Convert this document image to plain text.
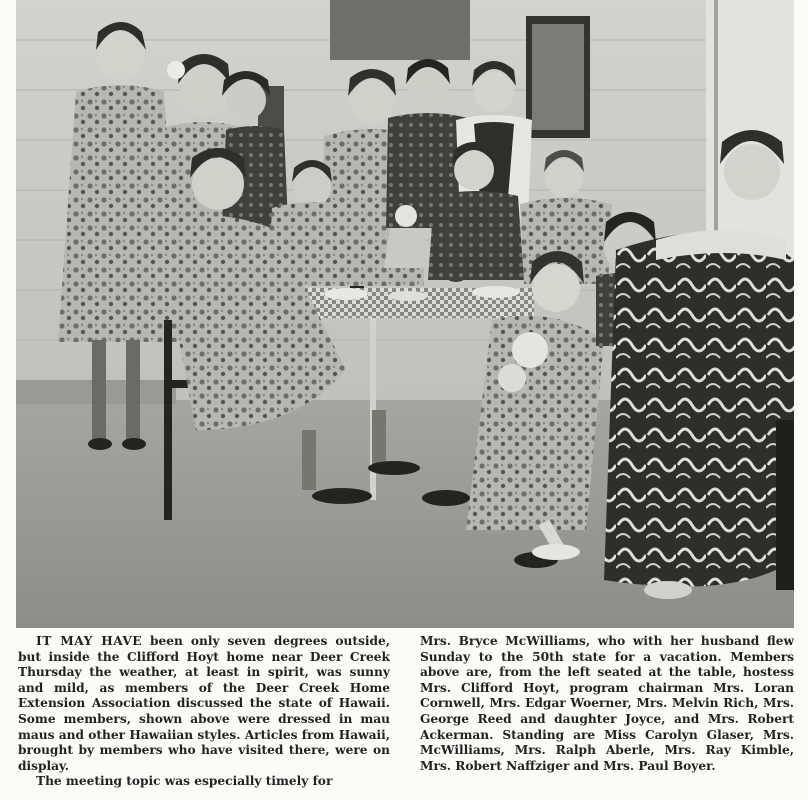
IT MAY HAVE been only seven degrees outside, but inside the Clifford Hoyt home near Deer Creek Thursday the weather, at least in spirit, was sunny and mild, as members of the Deer Creek Home Extension Association discussed the state of Hawaii. Some members, shown above were dressed in mau maus and other Hawaiian styles. Articles from Hawaii, brought by members who have visited there, were on display.

The meeting topic was especially timely for

Mrs. Bryce McWilliams, who with her husband flew Sunday to the 50th state for a vacation. Members above are, from the left seated at the table, hostess Mrs. Clifford Hoyt, program chairman Mrs. Loran Cornwell, Mrs. Edgar Woerner, Mrs. Melvin Rich, Mrs. George Reed and daughter Joyce, and Mrs. Robert Ackerman. Standing are Miss Carolyn Glaser, Mrs. McWilliams, Mrs. Ralph Aberle, Mrs. Ray Kimble, Mrs. Robert Naffziger and Mrs. Paul Boyer.
